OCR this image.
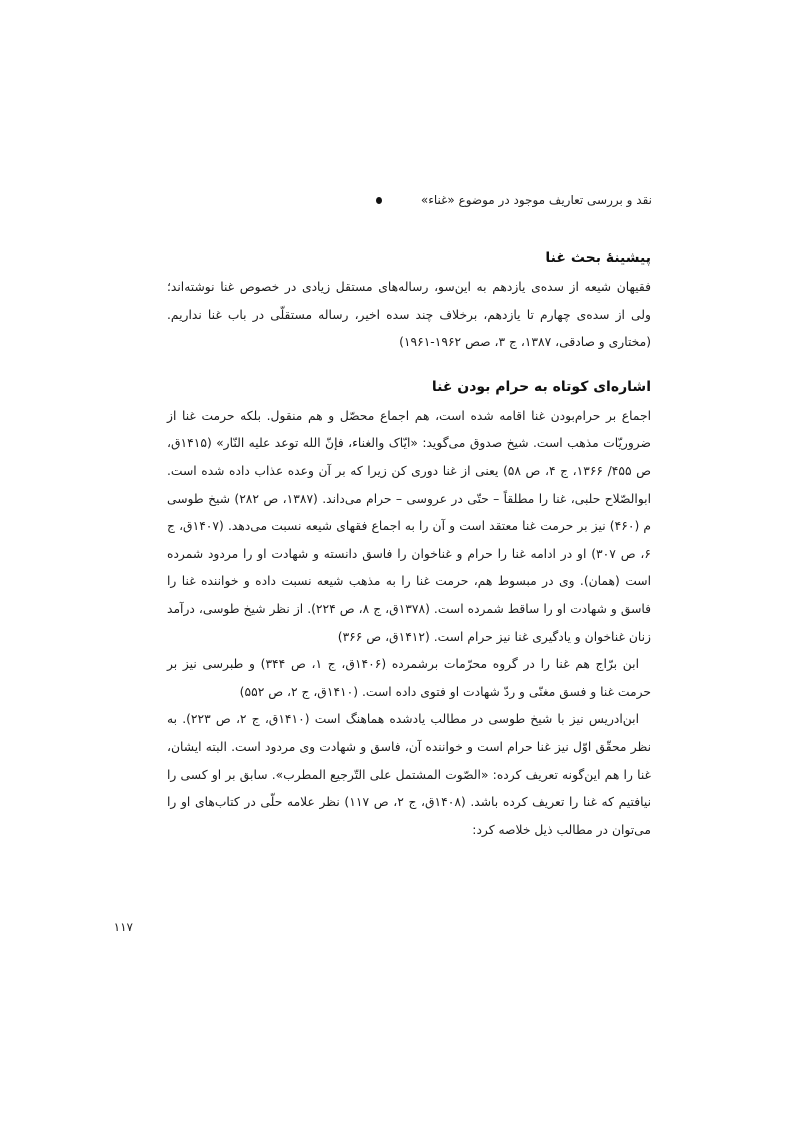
نقد و بررسی تعاریف موجود در موضوع «غناء»
پیشینهٔ بحث غنا

فقیهان شیعه از سده‌ی یازدهم به این‌سو، رساله‌های مستقل زیادی در خصوص غنا نوشته‌اند؛ ولی از سده‌ی چهارم تا یازدهم، برخلاف چند سده اخیر، رساله مستقلّی در باب غنا نداریم. (مختاری و صادقی، ۱۳۸۷، ج ۳، صص ۱۹۶۲-۱۹۶۱)

اشاره‌ای کوتاه به حرام بودن غنا

اجماع بر حرام‌بودن غنا اقامه شده است، هم اجماع محصّل و هم منقول. بلکه حرمت غنا از ضروریّات مذهب است. شیخ صدوق می‌گوید: «ایّاک والغناء، فإنّ الله توعد علیه النّار» (۱۴۱۵ق، ص ۴۵۵/ ۱۳۶۶، ج ۴، ص ۵۸) یعنی از غنا دوری کن زیرا که بر آن وعده عذاب داده شده است. ابوالصّلاح حلبی، غنا را مطلقاً – حتّی در عروسی – حرام می‌داند. (۱۳۸۷، ص ۲۸۲) شیخ طوسی م (۴۶۰) نیز بر حرمت غنا معتقد است و آن را به اجماع فقهای شیعه نسبت می‌دهد. (۱۴۰۷ق، ج ۶، ص ۳۰۷) او در ادامه غنا را حرام و غناخوان را فاسق دانسته و شهادت او را مردود شمرده است (همان). وی در مبسوط هم، حرمت غنا را به مذهب شیعه نسبت داده و خواننده غنا را فاسق و شهادت او را ساقط شمرده است. (۱۳۷۸ق، ج ۸، ص ۲۲۴). از نظر شیخ طوسی، درآمد زنان غناخوان و یادگیری غنا نیز حرام است. (۱۴۱۲ق، ص ۳۶۶)

ابن برّاج هم غنا را در گروه محرّمات برشمرده (۱۴۰۶ق، ج ۱، ص ۳۴۴) و طبرسی نیز بر حرمت غنا و فسق مغنّی و ردّ شهادت او فتوی داده است. (۱۴۱۰ق، ج ۲، ص ۵۵۲)

ابن‌ادریس نیز با شیخ طوسی در مطالب یادشده هماهنگ است (۱۴۱۰ق، ج ۲، ص ۲۲۳). به نظر محقّق اوّل نیز غنا حرام است و خواننده آن، فاسق و شهادت وی مردود است. البته ایشان، غنا را هم این‌گونه تعریف کرده: «الصّوت المشتمل علی التّرجیع المطرب». سابق بر او کسی را نیافتیم که غنا را تعریف کرده باشد. (۱۴۰۸ق، ج ۲، ص ۱۱۷) نظر علامه حلّی در کتاب‌های او را می‌توان در مطالب ذیل خلاصه کرد:

۱۱۷
